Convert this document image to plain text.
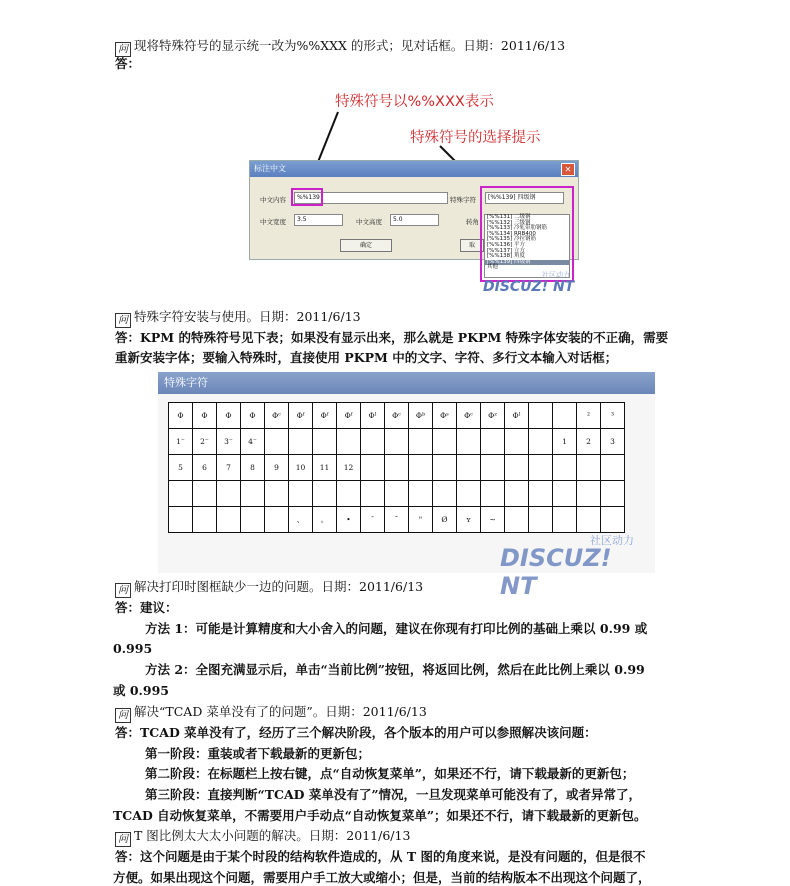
问 现将特殊符号的显示统一改为%%XXX 的形式；见对话框。日期：2011/6/13
答：
特殊符号以%%XXX表示
特殊符号的选择提示
标注中文	✕
中文内容	%%139	特殊字符	[%%139] 四级钢
中文宽度	3.5	中文高度	5.0	转角
确定	取
[%%131] 二级钢
[%%132] 三级钢
[%%133] 冷轧带肋钢筋
[%%134] RRB400
[%%135] 冷拉钢筋
[%%136] 平方
[%%137] 立方
[%%138] 角度
[%%139] 四级钢
其他
DISCUZ! NT
社区动力
问 特殊字符安装与使用。日期：2011/6/13
答：KPM 的特殊符号见下表；如果没有显示出来，那么就是 PKPM 特殊字体安装的不正确，需要
重新安装字体；要输入特殊时，直接使用 PKPM 中的文字、字符、多行文本输入对话框；
特殊字符
Φ	Φ	Φ	Φ	Φᶜ	Φᶠ	Φᶠ	Φᶠ	Φᴵ	Φᶜ	Φᵇ	Φˢ	Φᶜ	Φᶻ	Φᴵ			²	³
1⁻	2⁻	3⁻	4⁻													1	2	3
5	6	7	8	9	10	11	12											

					、	。	•	¯	˘	"	Ø	ʏ	∼					
DISCUZ! NT
社区动力
问 解决打印时图框缺少一边的问题。日期：2011/6/13
答：建议：
方法 1：可能是计算精度和大小舍入的问题，建议在你现有打印比例的基础上乘以 0.99 或
0.995
方法 2：全图充满显示后，单击“当前比例”按钮，将返回比例，然后在此比例上乘以 0.99
或 0.995
问 解决“TCAD 菜单没有了的问题”。日期：2011/6/13
答：TCAD 菜单没有了，经历了三个解决阶段，各个版本的用户可以参照解决该问题：
第一阶段：重装或者下载最新的更新包；
第二阶段：在标题栏上按右键，点“自动恢复菜单”，如果还不行，请下载最新的更新包；
第三阶段：直接判断“TCAD 菜单没有了”情况，一旦发现菜单可能没有了，或者异常了，
TCAD 自动恢复菜单，不需要用户手动点“自动恢复菜单”；如果还不行，请下载最新的更新包。
问 T 图比例太大太小问题的解决。日期：2011/6/13
答：这个问题是由于某个时段的结构软件造成的，从 T 图的角度来说，是没有问题的，但是很不
方便。如果出现这个问题，需要用户手工放大或缩小；但是，当前的结构版本不出现这个问题了，
